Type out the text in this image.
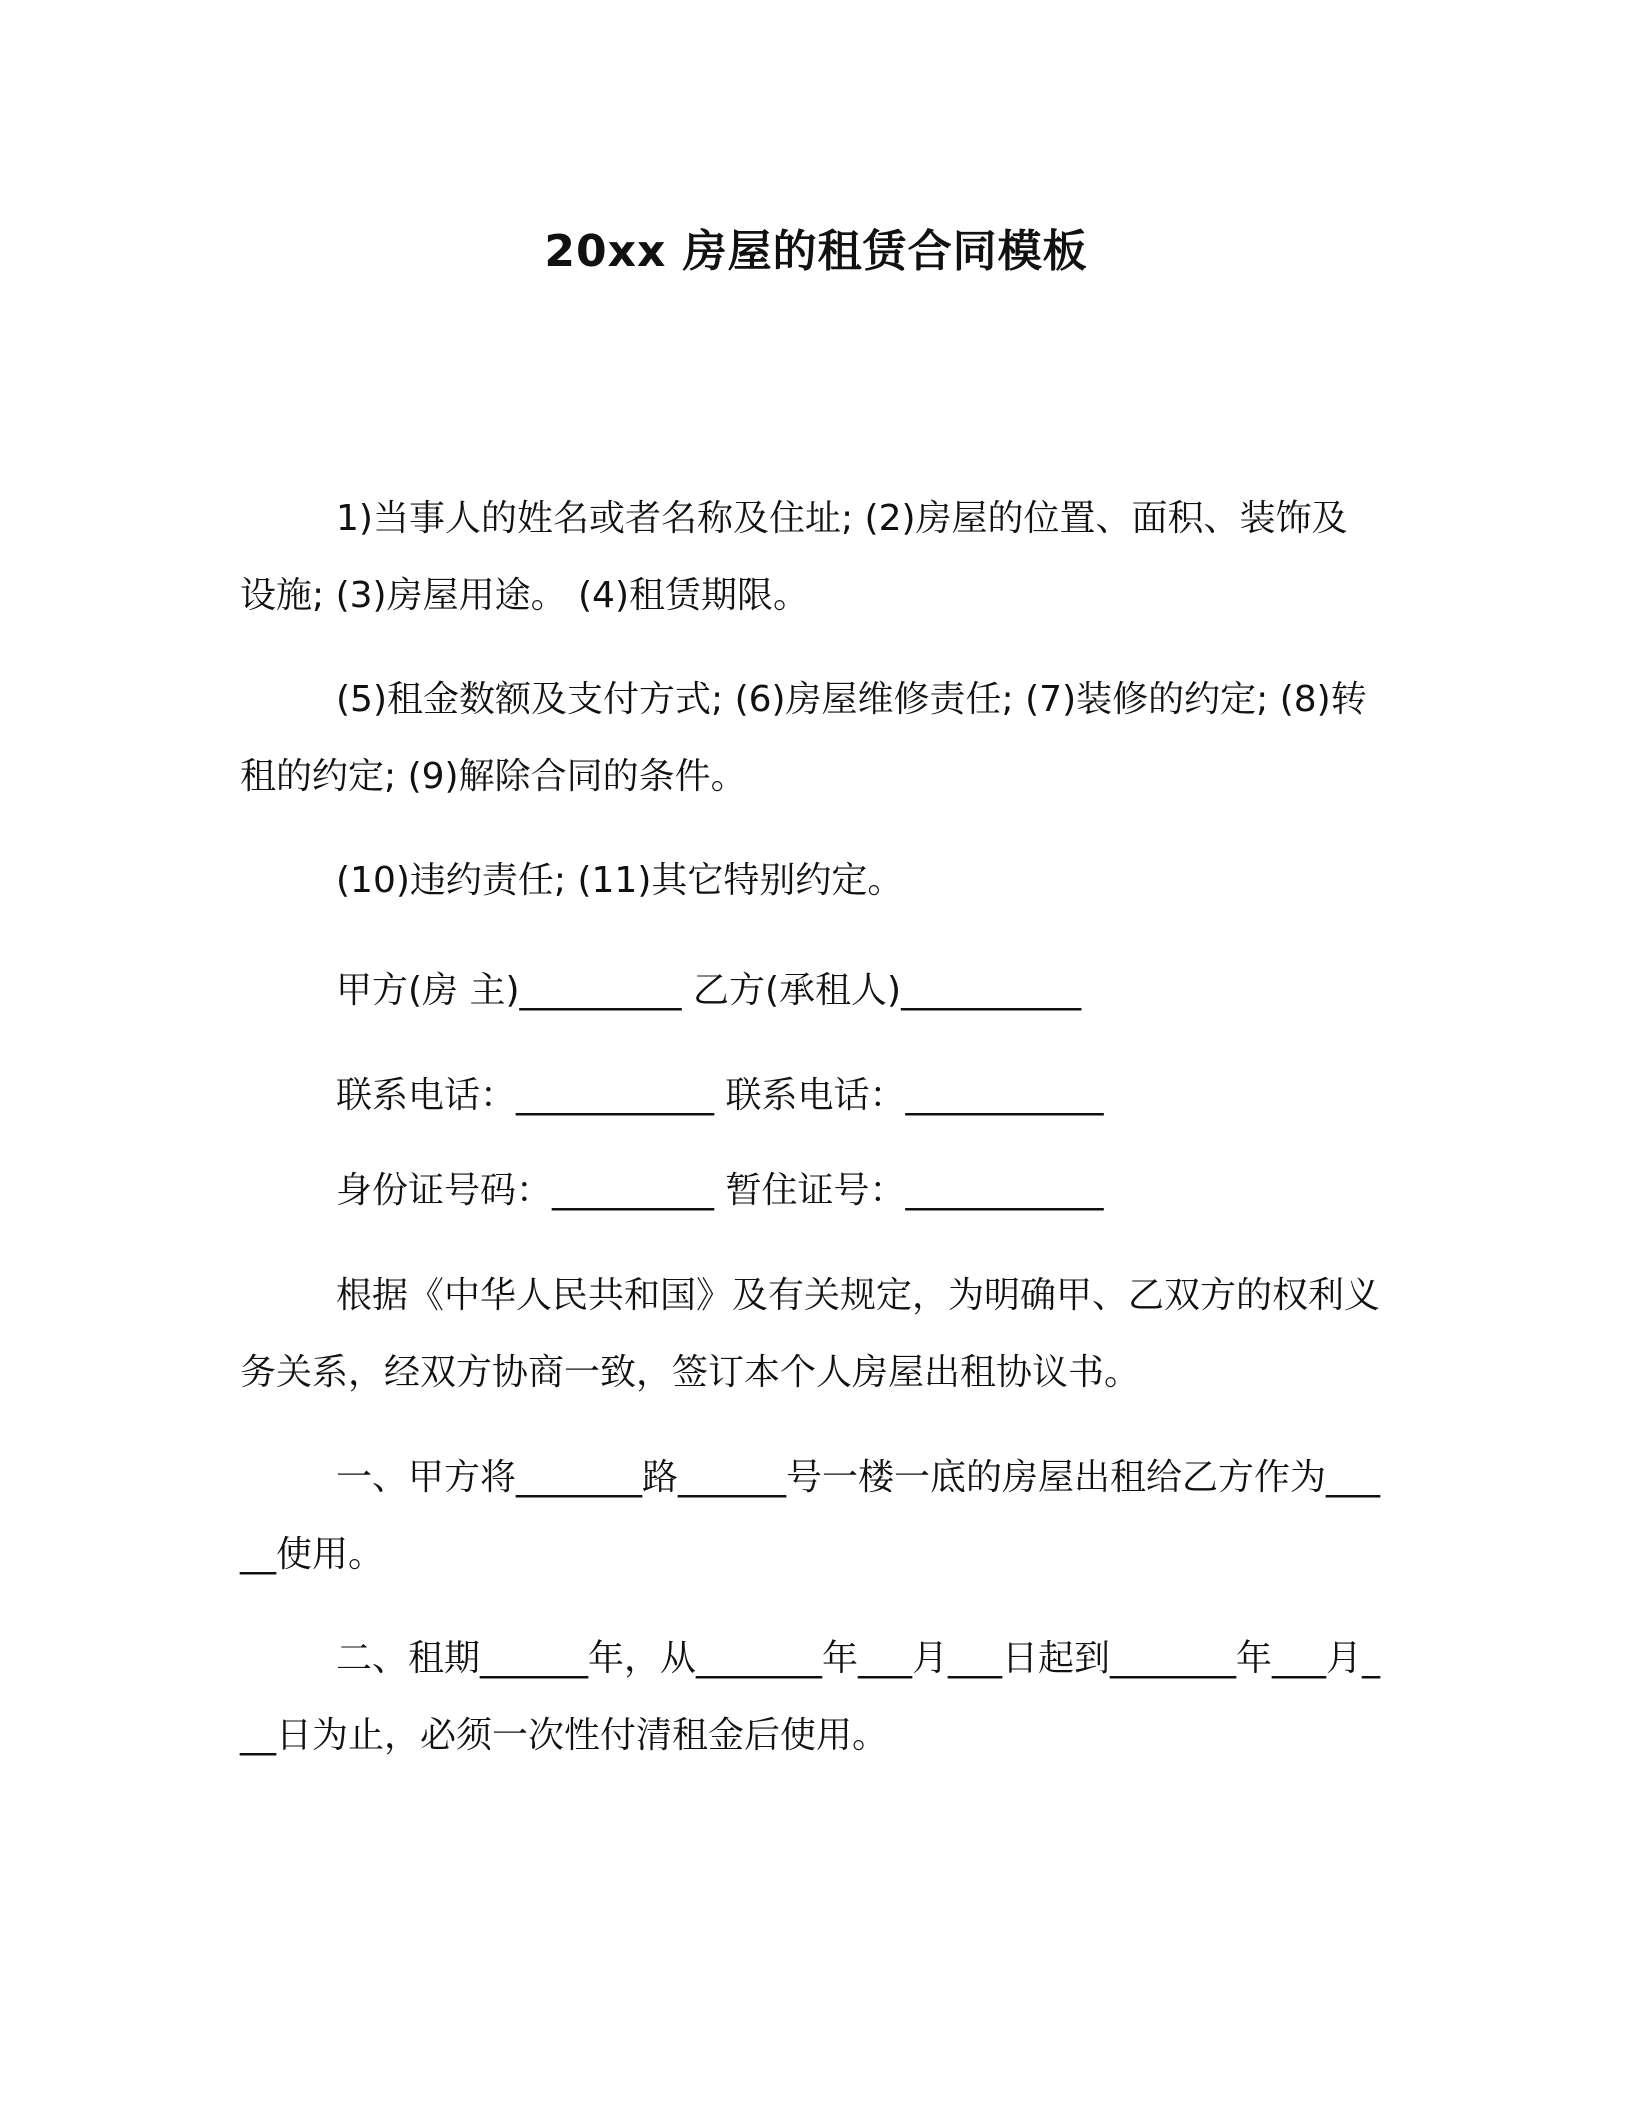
20xx 房屋的租赁合同模板
1)当事人的姓名或者名称及住址; (2)房屋的位置、面积、装饰及设施; (3)房屋用途。 (4)租赁期限。
(5)租金数额及支付方式; (6)房屋维修责任; (7)装修的约定; (8)转租的约定; (9)解除合同的条件。
(10)违约责任; (11)其它特别约定。
甲方(房 主)_________ 乙方(承租人)__________
联系电话：___________ 联系电话：___________
身份证号码：_________ 暂住证号：___________
根据《中华人民共和国》及有关规定，为明确甲、乙双方的权利义务关系，经双方协商一致，签订本个人房屋出租协议书。
一、甲方将_______路______号一楼一底的房屋出租给乙方作为_____使用。
二、租期______年，从_______年___月___日起到_______年___月___日为止，必须一次性付清租金后使用。
